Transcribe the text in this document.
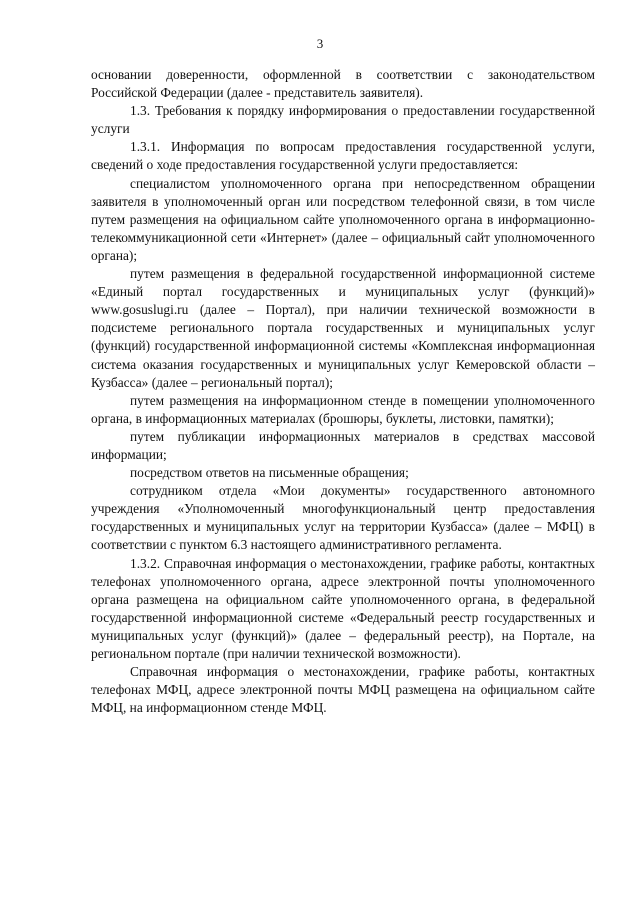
3

основании доверенности, оформленной в соответствии с законодательством Российской Федерации (далее - представитель заявителя).

1.3. Требования к порядку информирования о предоставлении государственной услуги

1.3.1. Информация по вопросам предоставления государственной услуги, сведений о ходе предоставления государственной услуги предоставляется:

специалистом уполномоченного органа при непосредственном обращении заявителя в уполномоченный орган или посредством телефонной связи, в том числе путем размещения на официальном сайте уполномоченного органа в информационно-телекоммуникационной сети «Интернет» (далее – официальный сайт уполномоченного органа);

путем размещения в федеральной государственной информационной системе «Единый портал государственных и муниципальных услуг (функций)» www.gosuslugi.ru (далее – Портал), при наличии технической возможности в подсистеме регионального портала государственных и муниципальных услуг (функций) государственной информационной системы «Комплексная информационная система оказания государственных и муниципальных услуг Кемеровской области – Кузбасса» (далее – региональный портал);

путем размещения на информационном стенде в помещении уполномоченного органа, в информационных материалах (брошюры, буклеты, листовки, памятки);

путем публикации информационных материалов в средствах массовой информации;

посредством ответов на письменные обращения;

сотрудником отдела «Мои документы» государственного автономного учреждения «Уполномоченный многофункциональный центр предоставления государственных и муниципальных услуг на территории Кузбасса» (далее – МФЦ) в соответствии с пунктом 6.3 настоящего административного регламента.

1.3.2. Справочная информация о местонахождении, графике работы, контактных телефонах уполномоченного органа, адресе электронной почты уполномоченного органа размещена на официальном сайте уполномоченного органа, в федеральной государственной информационной системе «Федеральный реестр государственных и муниципальных услуг (функций)» (далее – федеральный реестр), на Портале, на региональном портале (при наличии технической возможности).

Справочная информация о местонахождении, графике работы, контактных телефонах МФЦ, адресе электронной почты МФЦ размещена на официальном сайте МФЦ, на информационном стенде МФЦ.
